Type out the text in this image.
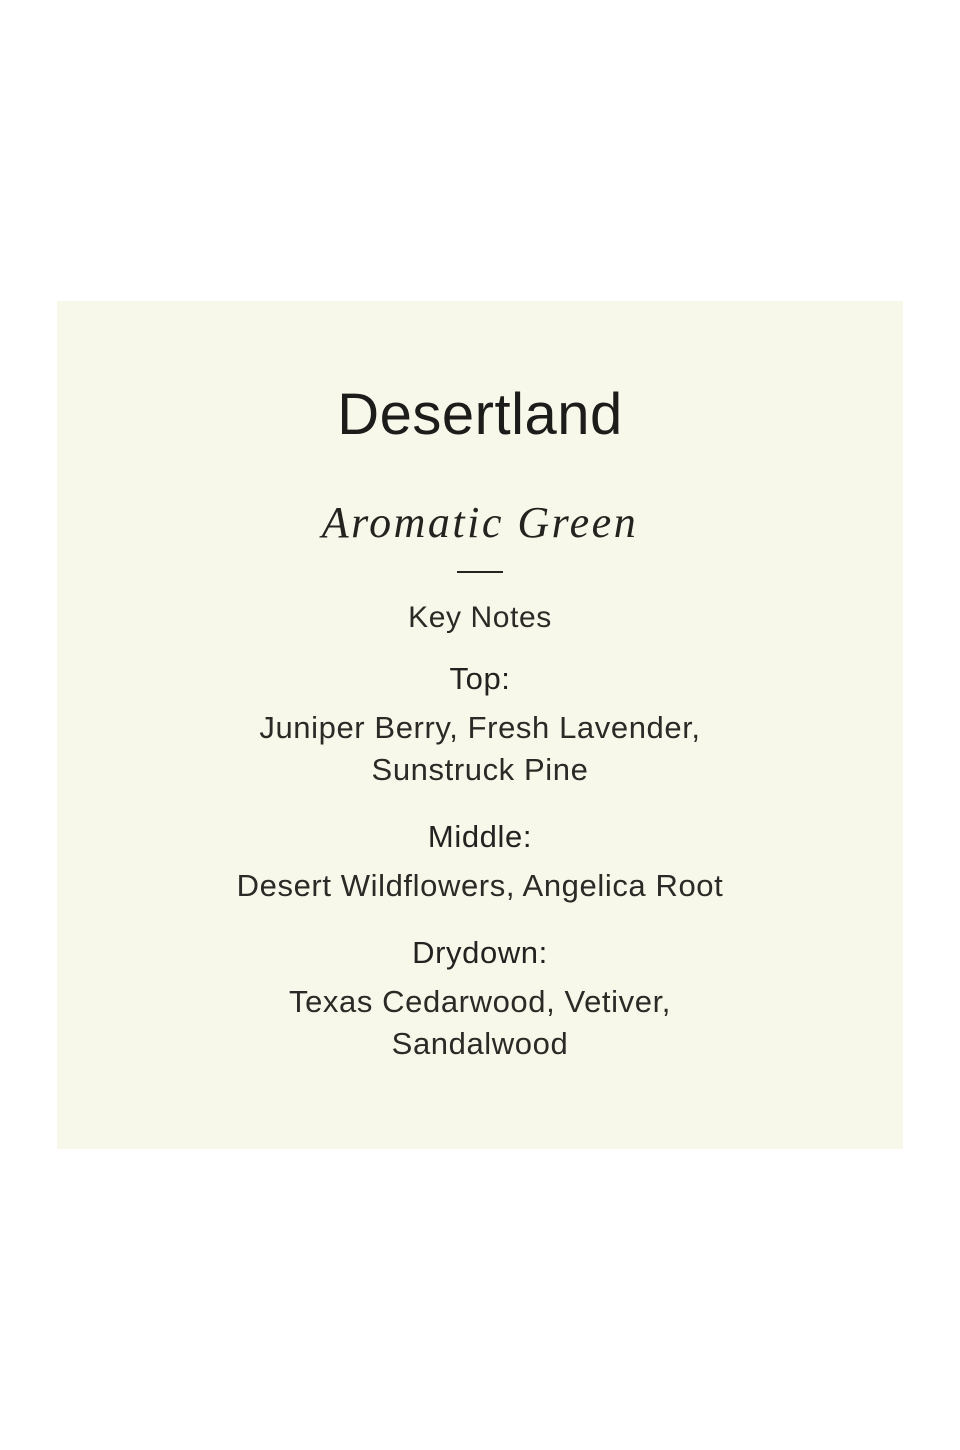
Desertland
Aromatic Green
Key Notes
Top:
Juniper Berry, Fresh Lavender,
Sunstruck Pine
Middle:
Desert Wildflowers, Angelica Root
Drydown:
Texas Cedarwood, Vetiver,
Sandalwood
